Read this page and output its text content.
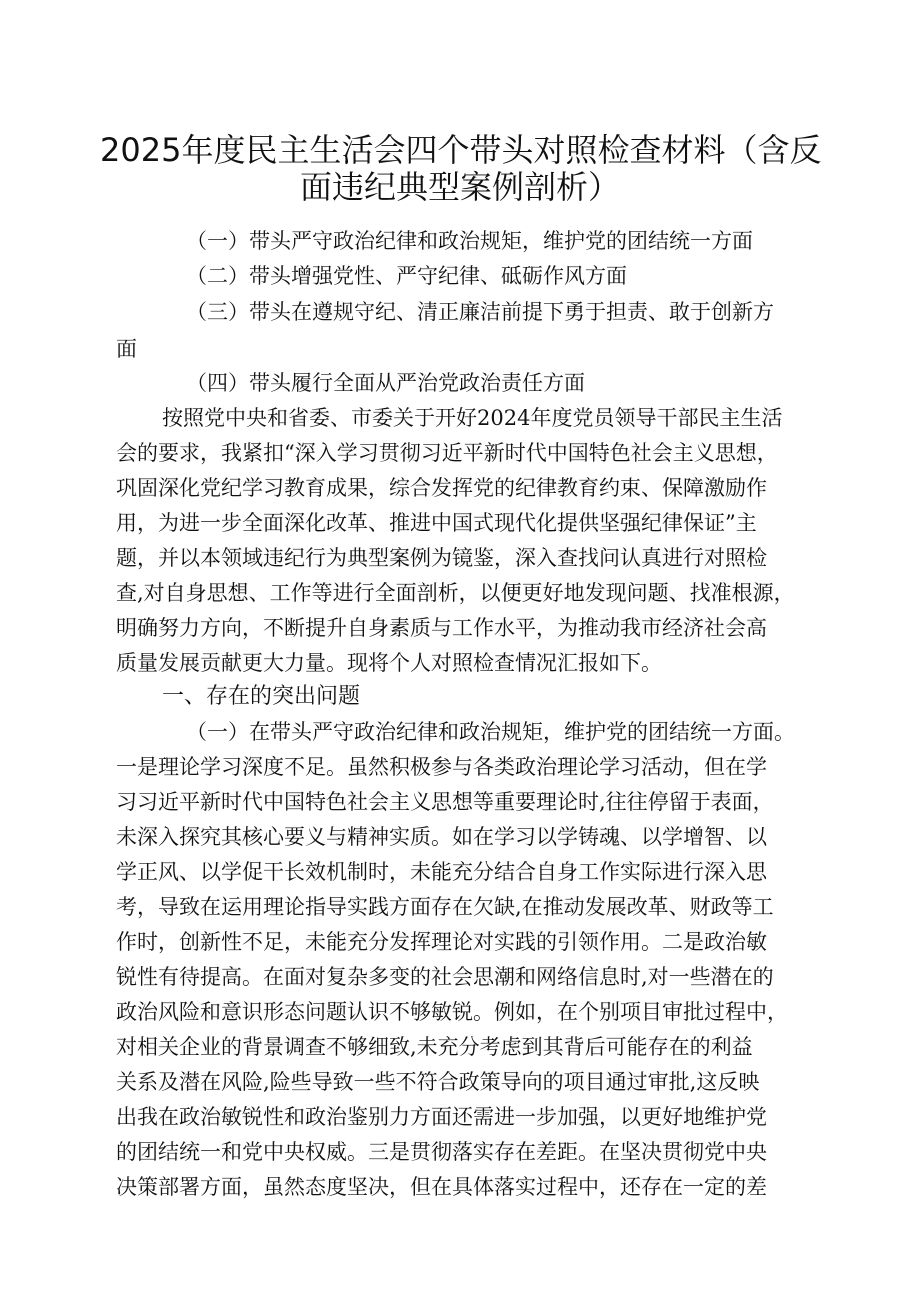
2025年度民主生活会四个带头对照检查材料（含反
面违纪典型案例剖析）

（一）带头严守政治纪律和政治规矩，维护党的团结统一方面

（二）带头增强党性、严守纪律、砥砺作风方面

（三）带头在遵规守纪、清正廉洁前提下勇于担责、敢于创新方

面

（四）带头履行全面从严治党政治责任方面

按照党中央和省委、市委关于开好2024年度党员领导干部民主生活

会的要求，我紧扣“深入学习贯彻习近平新时代中国特色社会主义思想，

巩固深化党纪学习教育成果，综合发挥党的纪律教育约束、保障激励作

用，为进一步全面深化改革、推进中国式现代化提供坚强纪律保证”主

题，并以本领域违纪行为典型案例为镜鉴，深入查找问认真进行对照检

查,对自身思想、工作等进行全面剖析，以便更好地发现问题、找准根源，

明确努力方向，不断提升自身素质与工作水平，为推动我市经济社会高

质量发展贡献更大力量。现将个人对照检查情况汇报如下。

一、存在的突出问题

（一）在带头严守政治纪律和政治规矩，维护党的团结统一方面。

一是理论学习深度不足。虽然积极参与各类政治理论学习活动，但在学

习习近平新时代中国特色社会主义思想等重要理论时,往往停留于表面，

未深入探究其核心要义与精神实质。如在学习以学铸魂、以学增智、以

学正风、以学促干长效机制时，未能充分结合自身工作实际进行深入思

考，导致在运用理论指导实践方面存在欠缺,在推动发展改革、财政等工

作时，创新性不足，未能充分发挥理论对实践的引领作用。二是政治敏

锐性有待提高。在面对复杂多变的社会思潮和网络信息时,对一些潜在的

政治风险和意识形态问题认识不够敏锐。例如，在个别项目审批过程中，

对相关企业的背景调查不够细致,未充分考虑到其背后可能存在的利益

关系及潜在风险,险些导致一些不符合政策导向的项目通过审批,这反映

出我在政治敏锐性和政治鉴别力方面还需进一步加强，以更好地维护党

的团结统一和党中央权威。三是贯彻落实存在差距。在坚决贯彻党中央

决策部署方面，虽然态度坚决，但在具体落实过程中，还存在一定的差
